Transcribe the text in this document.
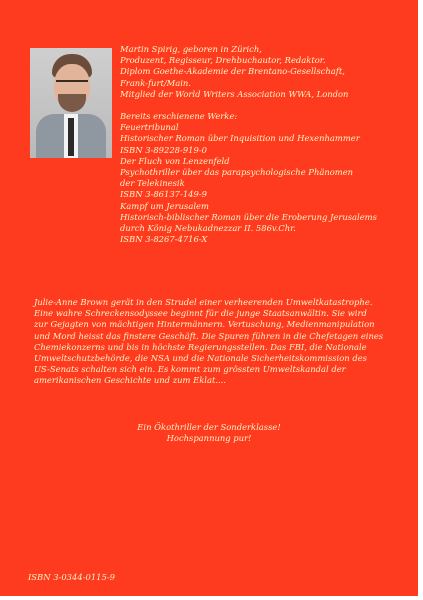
Martin Spirig, geboren in Zürich,

Produzent, Regisseur, Drehbuchautor, Redaktor.

Diplom Goethe-Akademie der Brentano-Gesellschaft,

Frank-furt/Main.

Mitglied der World Writers Association WWA, London

Bereits erschienene Werke:

Feuertribunal

Historischer Roman über Inquisition und Hexenhammer

ISBN 3-89228-919-0

Der Fluch von Lenzenfeld

Psychothriller über das parapsychologische Phänomen

der Telekinesik

ISBN 3-86137-149-9

Kampf um Jerusalem

Historisch-biblischer Roman über die Eroberung Jerusalems

durch König Nebukadnezzar II. 586v.Chr.

ISBN 3-8267-4716-X

Julie-Anne Brown gerät in den Strudel einer verheerenden Umweltkatastrophe.

Eine wahre Schreckensodyssee beginnt für die junge Staatsanwältin. Sie wird

zur Gejagten von mächtigen Hintermännern. Vertuschung, Medienmanipulation

und Mord heisst das finstere Geschäft. Die Spuren führen in die Chefetagen eines

Chemiekonzerns und bis in höchste Regierungsstellen. Das FBI, die Nationale

Umweltschutzbehörde, die NSA und die Nationale Sicherheitskommission des

US-Senats schalten sich ein. Es kommt zum grössten Umweltskandal der

amerikanischen Geschichte und zum Eklat....

Ein Ökothriller der Sonderklasse!

Hochspannung pur!

ISBN 3-0344-0115-9
